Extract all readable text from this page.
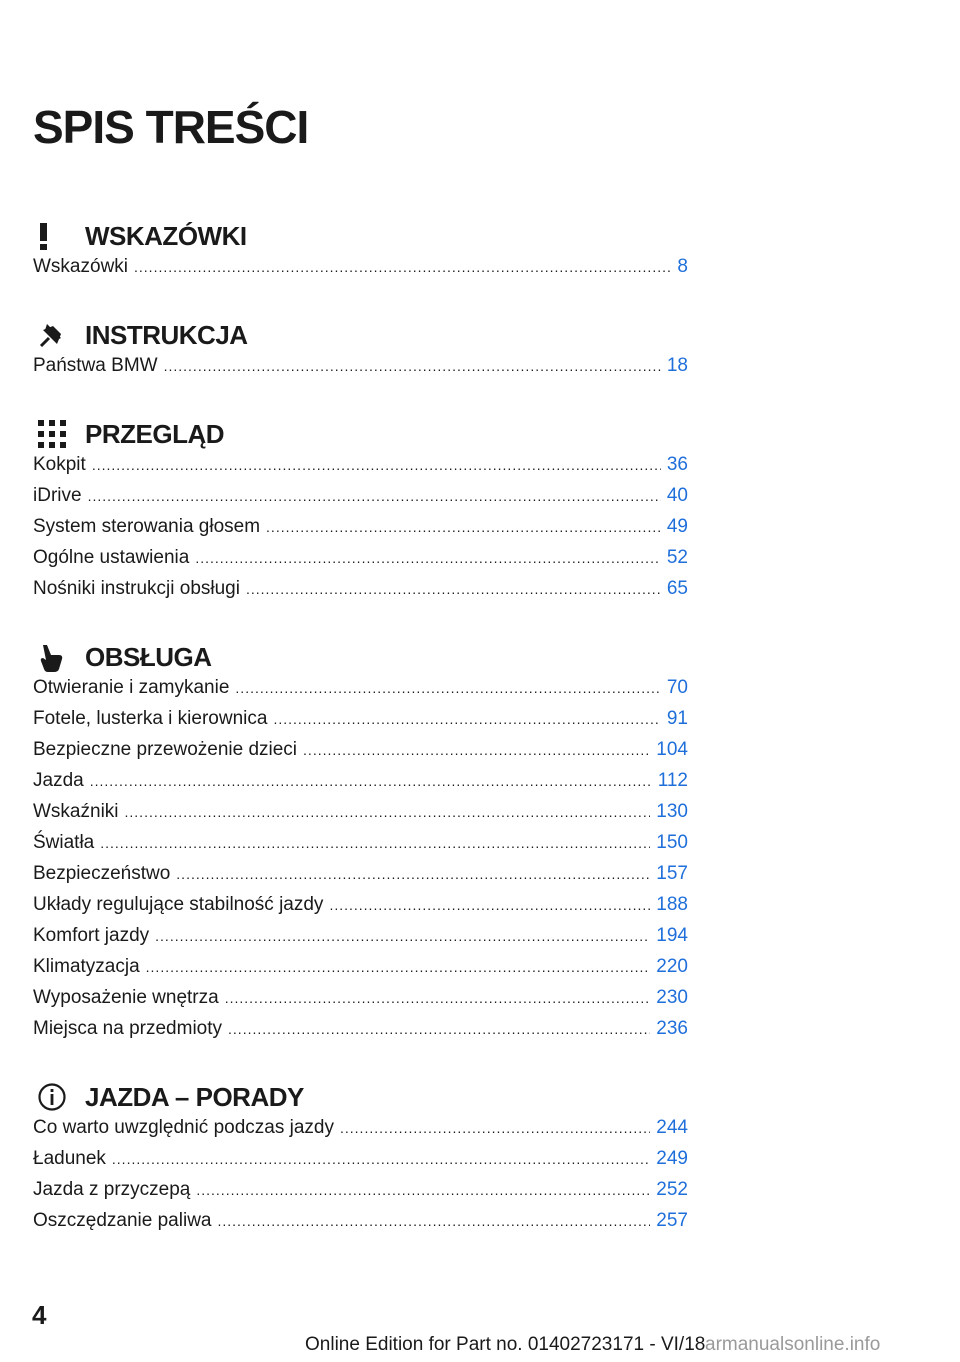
SPIS TREŚCI
WSKAZÓWKI
Wskazówki .....	8
INSTRUKCJA
Państwa BMW .....	18
PRZEGLĄD
Kokpit .....	36
iDrive .....	40
System sterowania głosem .....	49
Ogólne ustawienia .....	52
Nośniki instrukcji obsługi .....	65
OBSŁUGA
Otwieranie i zamykanie .....	70
Fotele, lusterka i kierownica .....	91
Bezpieczne przewożenie dzieci .....	104
Jazda .....	112
Wskaźniki .....	130
Światła .....	150
Bezpieczeństwo .....	157
Układy regulujące stabilność jazdy .....	188
Komfort jazdy .....	194
Klimatyzacja .....	220
Wyposażenie wnętrza .....	230
Miejsca na przedmioty .....	236
JAZDA – PORADY
Co warto uwzględnić podczas jazdy .....	244
Ładunek .....	249
Jazda z przyczepą .....	252
Oszczędzanie paliwa .....	257
4
Online Edition for Part no. 01402723171 - VI/18 armanualsonline.info
